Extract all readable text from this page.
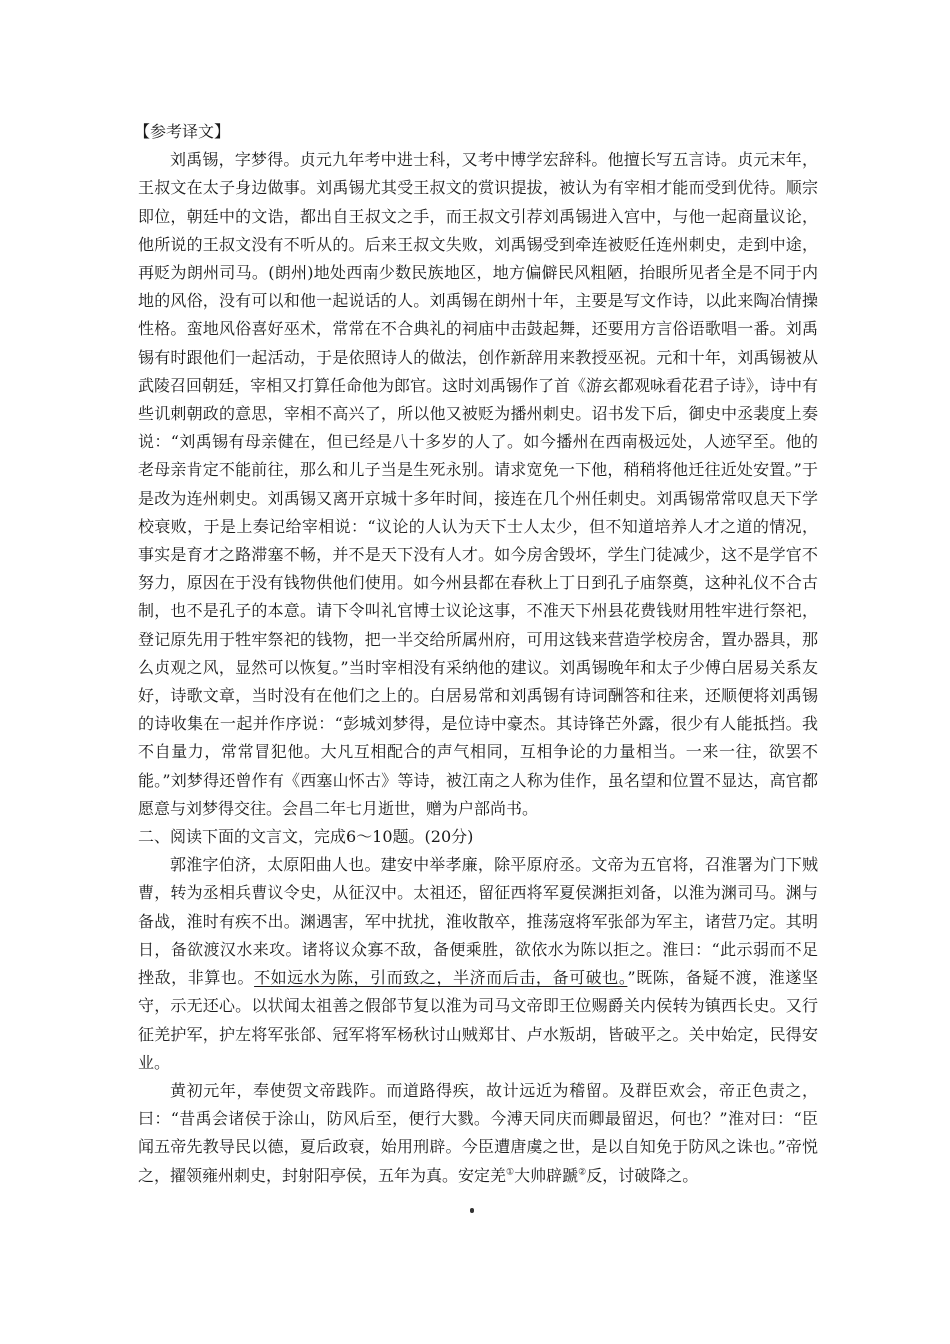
【参考译文】

刘禹锡，字梦得。贞元九年考中进士科，又考中博学宏辞科。他擅长写五言诗。贞元末年，王叔文在太子身边做事。刘禹锡尤其受王叔文的赏识提拔，被认为有宰相才能而受到优待。顺宗即位，朝廷中的文诰，都出自王叔文之手，而王叔文引荐刘禹锡进入宫中，与他一起商量议论，他所说的王叔文没有不听从的。后来王叔文失败，刘禹锡受到牵连被贬任连州刺史，走到中途，再贬为朗州司马。(朗州)地处西南少数民族地区，地方偏僻民风粗陋，抬眼所见者全是不同于内地的风俗，没有可以和他一起说话的人。刘禹锡在朗州十年，主要是写文作诗，以此来陶冶情操性格。蛮地风俗喜好巫术，常常在不合典礼的祠庙中击鼓起舞，还要用方言俗语歌唱一番。刘禹锡有时跟他们一起活动，于是依照诗人的做法，创作新辞用来教授巫祝。元和十年，刘禹锡被从武陵召回朝廷，宰相又打算任命他为郎官。这时刘禹锡作了首《游玄都观咏看花君子诗》，诗中有些讥刺朝政的意思，宰相不高兴了，所以他又被贬为播州刺史。诏书发下后，御史中丞裴度上奏说：“刘禹锡有母亲健在，但已经是八十多岁的人了。如今播州在西南极远处，人迹罕至。他的老母亲肯定不能前往，那么和儿子当是生死永别。请求宽免一下他，稍稍将他迁往近处安置。”于是改为连州刺史。刘禹锡又离开京城十多年时间，接连在几个州任刺史。刘禹锡常常叹息天下学校衰败，于是上奏记给宰相说：“议论的人认为天下士人太少，但不知道培养人才之道的情况，事实是育才之路滞塞不畅，并不是天下没有人才。如今房舍毁坏，学生门徒减少，这不是学官不努力，原因在于没有钱物供他们使用。如今州县都在春秋上丁日到孔子庙祭奠，这种礼仪不合古制，也不是孔子的本意。请下令叫礼官博士议论这事，不准天下州县花费钱财用牲牢进行祭祀，登记原先用于牲牢祭祀的钱物，把一半交给所属州府，可用这钱来营造学校房舍，置办器具，那么贞观之风，显然可以恢复。”当时宰相没有采纳他的建议。刘禹锡晚年和太子少傅白居易关系友好，诗歌文章，当时没有在他们之上的。白居易常和刘禹锡有诗词酬答和往来，还顺便将刘禹锡的诗收集在一起并作序说：“彭城刘梦得，是位诗中豪杰。其诗锋芒外露，很少有人能抵挡。我不自量力，常常冒犯他。大凡互相配合的声气相同，互相争论的力量相当。一来一往，欲罢不能。”刘梦得还曾作有《西塞山怀古》等诗，被江南之人称为佳作，虽名望和位置不显达，高官都愿意与刘梦得交往。会昌二年七月逝世，赠为户部尚书。

二、阅读下面的文言文，完成6～10题。(20分)

郭淮字伯济，太原阳曲人也。建安中举孝廉，除平原府丞。文帝为五官将，召淮署为门下贼曹，转为丞相兵曹议令史，从征汉中。太祖还，留征西将军夏侯渊拒刘备，以淮为渊司马。渊与备战，淮时有疾不出。渊遇害，军中扰扰，淮收散卒，推荡寇将军张郃为军主，诸营乃定。其明日，备欲渡汉水来攻。诸将议众寡不敌，备便乘胜，欲依水为陈以拒之。淮曰：“此示弱而不足挫敌，非算也。不如远水为陈，引而致之，半济而后击，备可破也。”既陈，备疑不渡，淮遂坚守，示无还心。以状闻太祖善之假郃节复以淮为司马文帝即王位赐爵关内侯转为镇西长史。又行征羌护军，护左将军张郃、冠军将军杨秋讨山贼郑甘、卢水叛胡，皆破平之。关中始定，民得安业。

黄初元年，奉使贺文帝践阼。而道路得疾，故计远近为稽留。及群臣欢会，帝正色责之，曰：“昔禹会诸侯于涂山，防风后至，便行大戮。今溥天同庆而卿最留迟，何也？”淮对曰：“臣闻五帝先教导民以德，夏后政衰，始用刑辟。今臣遭唐虞之世，是以自知免于防风之诛也。”帝悦之，擢领雍州刺史，封射阳亭侯，五年为真。安定羌①大帅辟蹏②反，讨破降之。
